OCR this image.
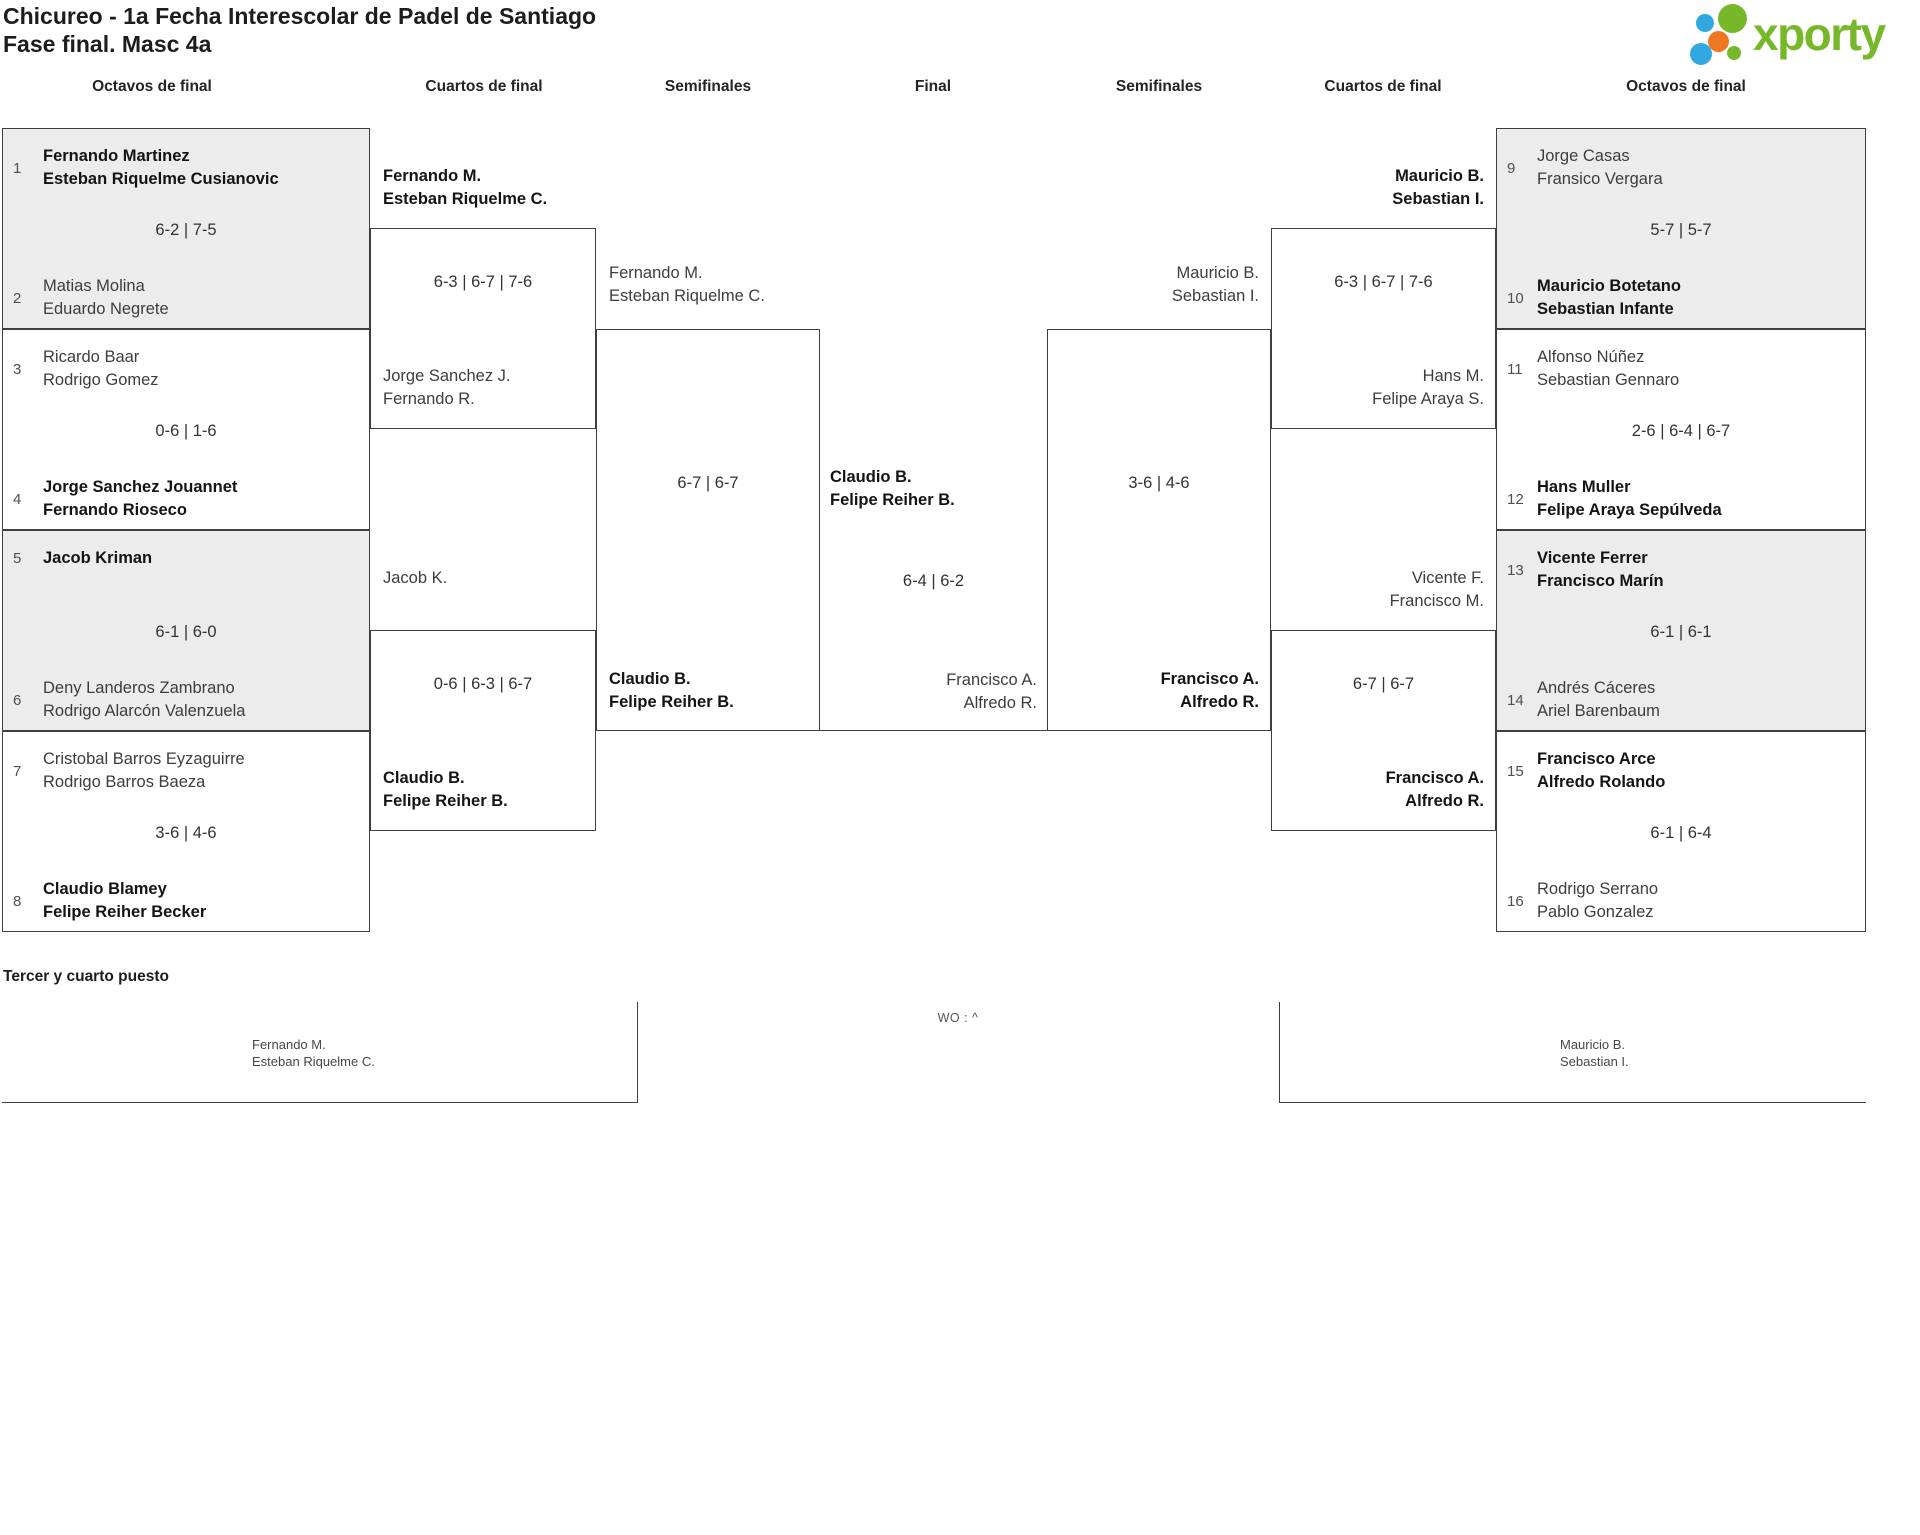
Chicureo - 1a Fecha Interescolar de Padel de Santiago
Fase final. Masc 4a	xporty
Octavos de final	Cuartos de final	Semifinales	Final	Semifinales	Cuartos de final	Octavos de final
1
Fernando Martinez
Esteban Riquelme Cusianovic
6-2 | 7-5
2
Matias Molina
Eduardo Negrete
3
Ricardo Baar
Rodrigo Gomez
0-6 | 1-6
4
Jorge Sanchez Jouannet
Fernando Rioseco
5	Jacob Kriman
6-1 | 6-0
6
Deny Landeros Zambrano
Rodrigo Alarcón Valenzuela
7
Cristobal Barros Eyzaguirre
Rodrigo Barros Baeza
3-6 | 4-6
8
Claudio Blamey
Felipe Reiher Becker
9
Jorge Casas
Fransico Vergara
5-7 | 5-7
10
Mauricio Botetano
Sebastian Infante
11
Alfonso Núñez
Sebastian Gennaro
2-6 | 6-4 | 6-7
12
Hans Muller
Felipe Araya Sepúlveda
13
Vicente Ferrer
Francisco Marín
6-1 | 6-1
14
Andrés Cáceres
Ariel Barenbaum
15
Francisco Arce
Alfredo Rolando
6-1 | 6-4
16
Rodrigo Serrano
Pablo Gonzalez
Fernando M.
Esteban Riquelme C.
6-3 | 6-7 | 7-6
Jorge Sanchez J.
Fernando R.
Jacob K.
0-6 | 6-3 | 6-7
Claudio B.
Felipe Reiher B.
Mauricio B.
Sebastian I.
6-3 | 6-7 | 7-6
Hans M.
Felipe Araya S.
Vicente F.
Francisco M.
6-7 | 6-7
Francisco A.
Alfredo R.
Fernando M.
Esteban Riquelme C.
6-7 | 6-7
Claudio B.
Felipe Reiher B.
Mauricio B.
Sebastian I.
3-6 | 4-6
Francisco A.
Alfredo R.
Claudio B.
Felipe Reiher B.
6-4 | 6-2
Francisco A.
Alfredo R.
Tercer y cuarto puesto
Fernando M.
Esteban Riquelme C.
WO : ^
Mauricio B.
Sebastian I.
